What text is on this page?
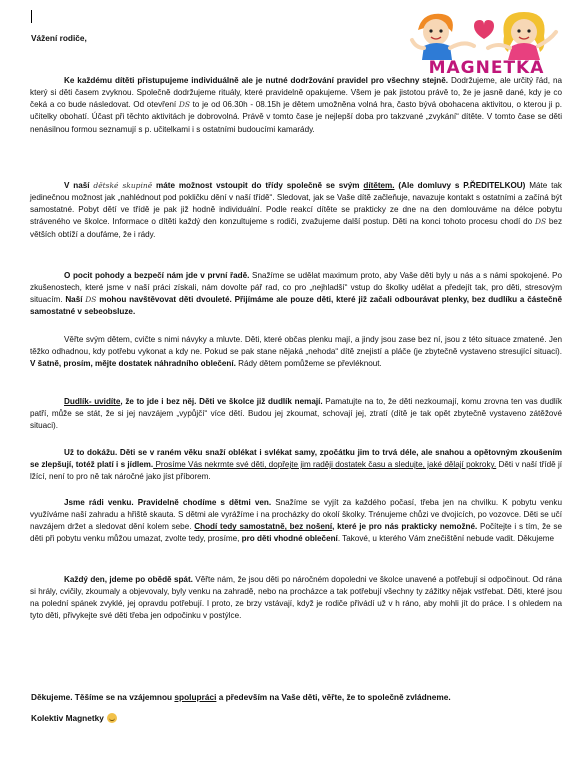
Vážení rodiče,
MAGNETKA

Ke každému dítěti přistupujeme individuálně ale je nutné dodržování pravidel pro všechny stejně. Dodržujeme, ale určitý řád, na který si děti časem zvyknou. Společně dodržujeme rituály, které pravidelně opakujeme. Všem je pak jistotou právě to, že je jasně dané, kdy je co čeká a co bude následovat. Od otevření DS to je od 06.30h - 08.15h je dětem umožněna volná hra, často bývá obohacena aktivitou, o kterou ji p. učitelky obohatí. Účast při těchto aktivitách je dobrovolná. Právě v tomto čase je nejlepší doba pro takzvané „zvykání“ dítěte. V tomto čase se děti nenásilnou formou seznamují s p. učitelkami i s ostatními budoucími kamarády.

V naší dětské skupině máte možnost vstoupit do třídy společně se svým dítětem. (Ale domluvy s P.ŘEDITELKOU) Máte tak jedinečnou možnost jak „nahlédnout pod pokličku dění v naší třídě“. Sledovat, jak se Vaše dítě začleňuje, navazuje kontakt s ostatními a začíná být samostatné. Pobyt dětí ve třídě je pak již hodně individuální. Podle reakcí dítěte se prakticky ze dne na den domlouváme na délce pobytu stráveného ve školce. Informace o dítěti každý den konzultujeme s rodiči, zvažujeme další postup. Děti na konci tohoto procesu chodí do DS bez větších obtíží a doufáme, že i rády.

O pocit pohody a bezpečí nám jde v první řadě. Snažíme se udělat maximum proto, aby Vaše děti byly u nás a s námi spokojené. Po zkušenostech, které jsme v naší práci získali, nám dovolte pář rad, co pro „nejhladší“ vstup do školky udělat a předejít tak, pro děti, stresovým situacím. Naší DS mohou navštěvovat děti dvouleté. Přijímáme ale pouze děti, které již začali odbourávat plenky, bez dudlíku a částečně samostatné v sebeobsluze.

Věřte svým dětem, cvičte s nimi návyky a mluvte. Děti, které občas plenku mají, a jindy jsou zase bez ní, jsou z této situace zmatené. Jen těžko odhadnou, kdy potřebu vykonat a kdy ne. Pokud se pak stane nějaká „nehoda“ dítě znejistí a pláče (je zbytečně vystaveno stresující situaci). V šatně, prosím, mějte dostatek náhradního oblečení. Rády dětem pomůžeme se převléknout.

Dudlík- uvidíte, že to jde i bez něj. Děti ve školce již dudlík nemají. Pamatujte na to, že děti nezkoumají, komu zrovna ten vas dudlík patří, může se stát, že si jej navzájem „vypůjčí“ více dětí. Budou jej zkoumat, schovají jej, ztratí (dítě je tak opět zbytečně vystaveno zátěžové situaci).

Už to dokážu. Děti se v raném věku snaží oblékat i svlékat samy, zpočátku jim to trvá déle, ale snahou a opětovným zkoušením se zlepšují, totéž platí i s jídlem. Prosíme Vás nekrmte své děti, dopřejte jim raději dostatek času a sledujte, jaké dělají pokroky. Děti v naší třídě jí lžící, není to pro ně tak náročné jako jíst příborem.

Jsme rádi venku. Pravidelně chodíme s dětmi ven. Snažíme se vyjít za každého počasí, třeba jen na chvilku. K pobytu venku využíváme naší zahradu a hřiště skauta. S dětmi ale vyrážíme i na procházky do okolí školky. Trénujeme chůzi ve dvojicích, po vozovce. Děti se učí navzájem držet a sledovat dění kolem sebe. Chodí tedy samostatně, bez nošení, které je pro nás prakticky nemožné. Počítejte i s tím, že se děti při pobytu venku můžou umazat, zvolte tedy, prosíme, pro děti vhodné oblečení. Takové, u kterého Vám znečištění nebude vadit. Děkujeme

Každý den, jdeme po obědě spát. Věřte nám, že jsou děti po náročném dopoledni ve školce unavené a potřebují si odpočinout. Od rána si hrály, cvičily, zkoumaly a objevovaly, byly venku na zahradě, nebo na procházce a tak potřebují všechny ty zážitky nějak vstřebat. Děti, které jsou na polední spánek zvyklé, jej opravdu potřebují. I proto, ze brzy vstávají, když je rodiče přivádí už v h ráno, aby mohli jít do práce. I s ohledem na tyto děti, přivykejte své děti třeba jen odpočinku v postýlce.

Děkujeme. Těšíme se na vzájemnou spolupráci a především na Vaše děti, věřte, že to společně zvládneme.
Kolektiv Magnetky
